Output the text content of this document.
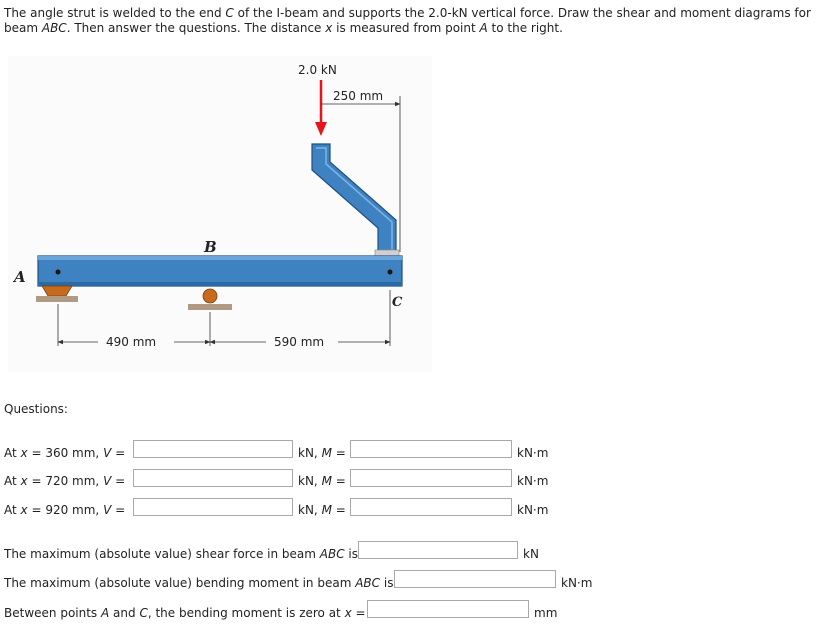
The angle strut is welded to the end C of the I-beam and supports the 2.0-kN vertical force. Draw the shear and moment diagrams for beam ABC. Then answer the questions. The distance x is measured from point A to the right.
2.0 kN
250 mm
A
B
C
490 mm	590 mm
Questions:
At x = 360 mm, V =	kN, M =	kN·m
At x = 720 mm, V =	kN, M =	kN·m
At x = 920 mm, V =	kN, M =	kN·m
The maximum (absolute value) shear force in beam ABC is	kN
The maximum (absolute value) bending moment in beam ABC is	kN·m
Between points A and C, the bending moment is zero at x =	mm
